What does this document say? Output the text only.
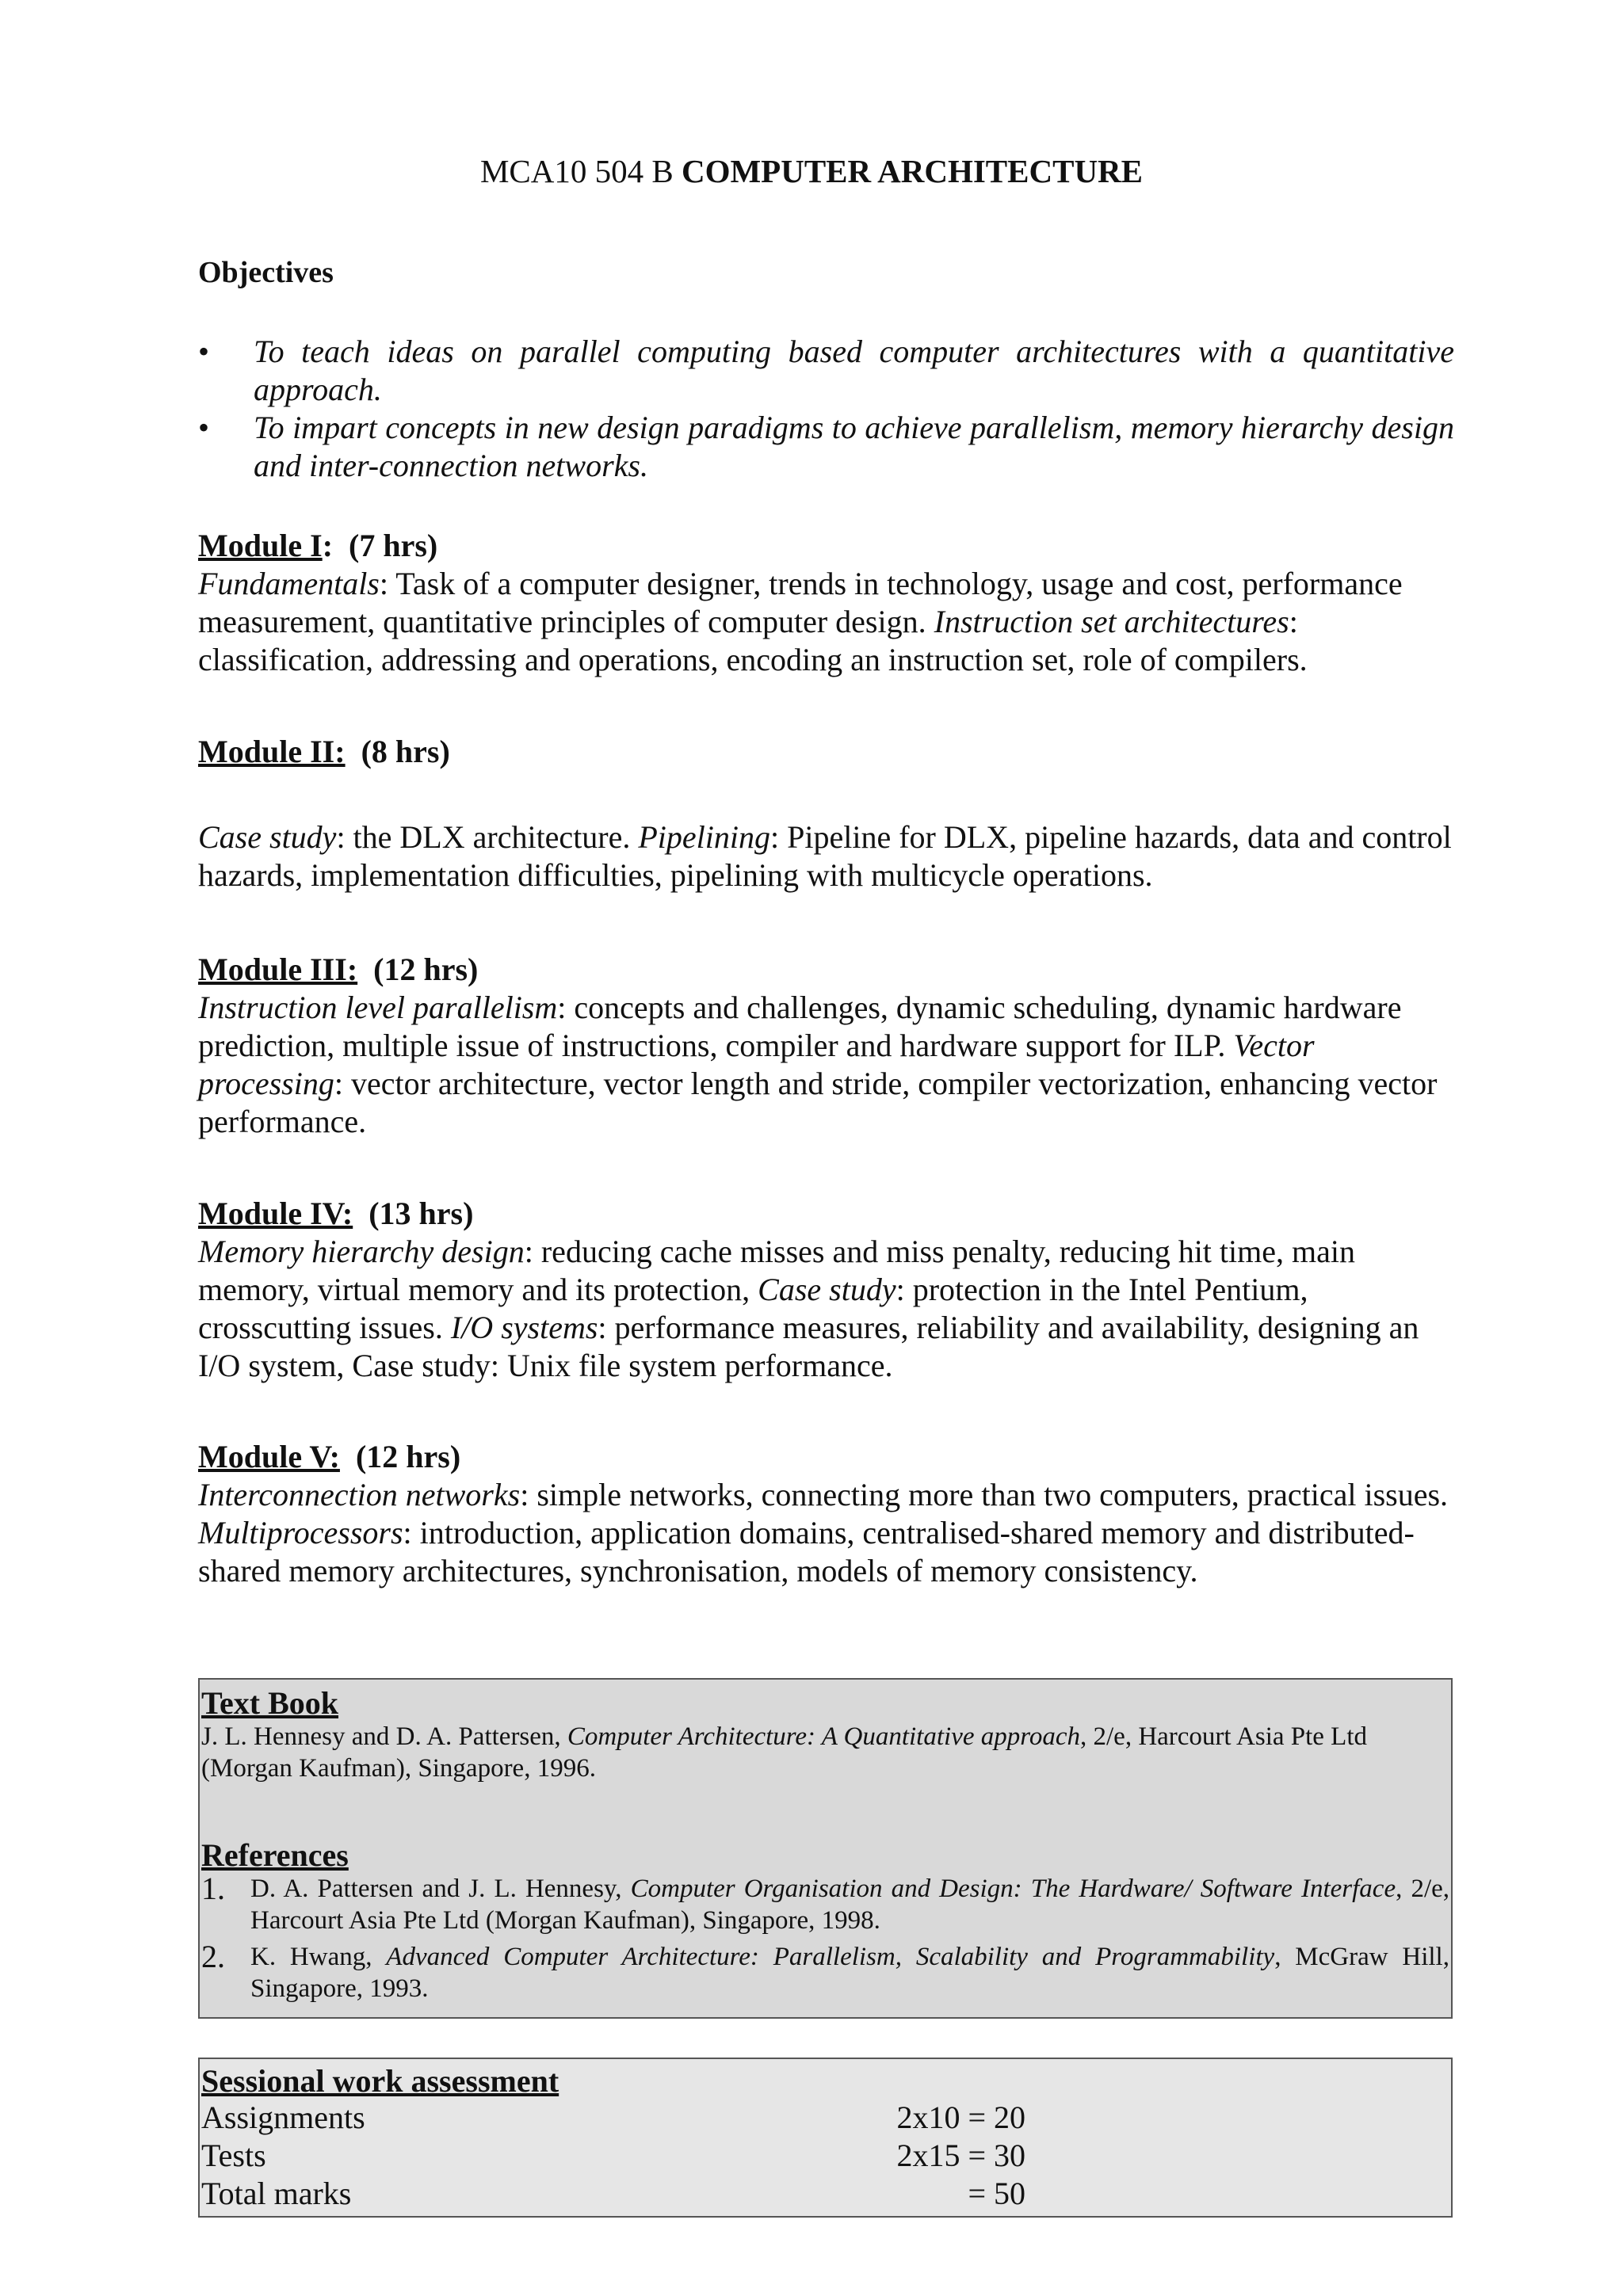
MCA10 504 B COMPUTER ARCHITECTURE
Objectives
• To teach ideas on parallel computing based computer architectures with a quantitative approach.
• To impart concepts in new design paradigms to achieve parallelism, memory hierarchy design and inter-connection networks.
Module I:  (7 hrs)

Fundamentals: Task of a computer designer, trends in technology, usage and cost, performance measurement, quantitative principles of computer design. Instruction set architectures: classification, addressing and operations, encoding an instruction set, role of compilers.

Module II: (8 hrs)

Case study: the DLX architecture. Pipelining: Pipeline for DLX, pipeline hazards, data and control hazards, implementation difficulties, pipelining with multicycle operations.

Module III: (12 hrs)

Instruction level parallelism: concepts and challenges, dynamic scheduling, dynamic hardware prediction, multiple issue of instructions, compiler and hardware support for ILP. Vector processing: vector architecture, vector length and stride, compiler vectorization, enhancing vector performance.

Module IV: (13 hrs)

Memory hierarchy design: reducing cache misses and miss penalty, reducing hit time, main memory, virtual memory and its protection, Case study: protection in the Intel Pentium, crosscutting issues. I/O systems: performance measures, reliability and availability, designing an I/O system, Case study: Unix file system performance.

Module V: (12 hrs)

Interconnection networks: simple networks, connecting more than two computers, practical issues. Multiprocessors: introduction, application domains, centralised-shared memory and distributed-shared memory architectures, synchronisation, models of memory consistency.

Text Book
J. L. Hennesy and D. A. Pattersen, Computer Architecture: A Quantitative approach, 2/e, Harcourt Asia Pte Ltd (Morgan Kaufman), Singapore, 1996.
References
1. D. A. Pattersen and J. L. Hennesy, Computer Organisation and Design: The Hardware/ Software Interface, 2/e, Harcourt Asia Pte Ltd (Morgan Kaufman), Singapore, 1998.
2. K. Hwang, Advanced Computer Architecture: Parallelism, Scalability and Programmability, McGraw Hill, Singapore, 1993.
Sessional work assessment
Assignments	2x10 = 20
Tests	2x15 = 30
Total marks	= 50
